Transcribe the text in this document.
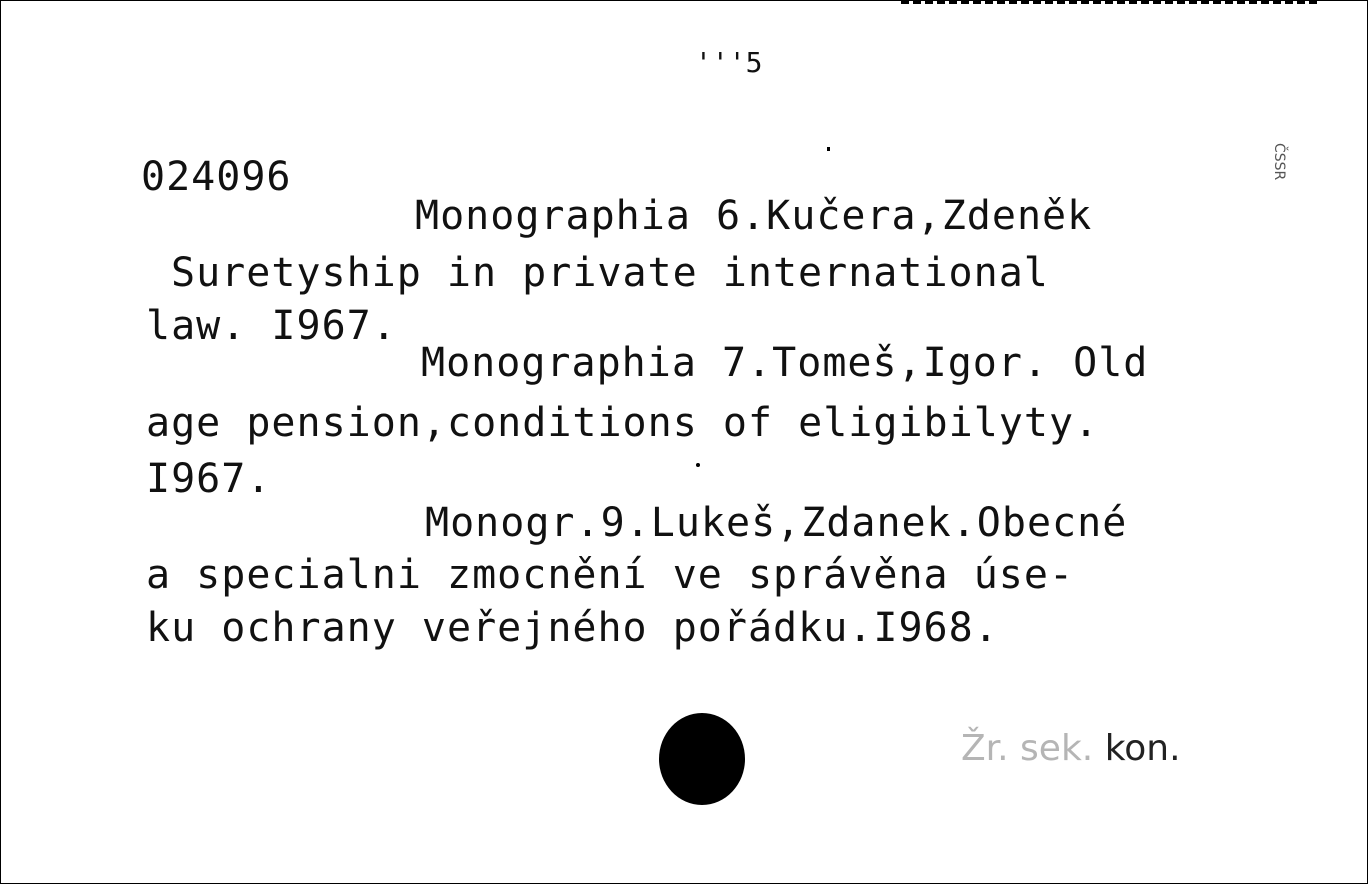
'''5
024096
Monographia 6.Kučera,Zdeněk
Suretyship in private international
law. I967.
Monographia 7.Tomeš,Igor. Old
age pension,conditions of eligibilyty.
I967.
Monogr.9.Lukeš,Zdanek.Obecné
a specialni zmocnění ve správěna úse-
ku ochrany veřejného pořádku.I968.
ČSSR
Žr. sek. kon.
